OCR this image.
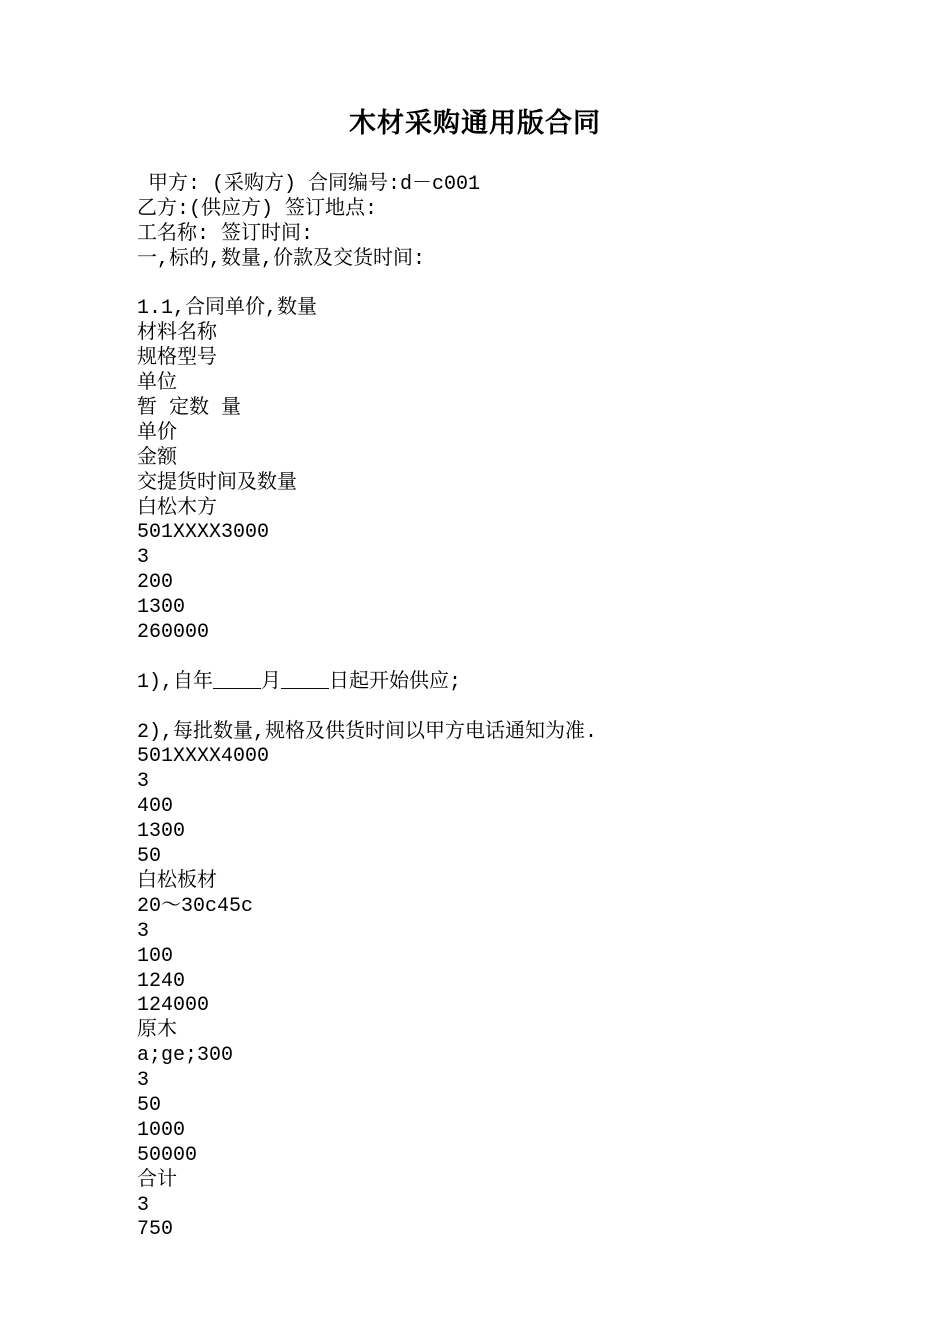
木材采购通用版合同
甲方: (采购方) 合同编号:d－c001
乙方:(供应方) 签订地点:
工名称: 签订时间:
一,标的,数量,价款及交货时间:
1.1,合同单价,数量
材料名称
规格型号
单位
暂 定数 量
单价
金额
交提货时间及数量
白松木方
501XXXX3000
3
200
1300
260000
1),自年____月____日起开始供应;
2),每批数量,规格及供货时间以甲方电话通知为准.
501XXXX4000
3
400
1300
50
白松板材
20～30c45c
3
100
1240
124000
原木
a;ge;300
3
50
1000
50000
合计
3
750
